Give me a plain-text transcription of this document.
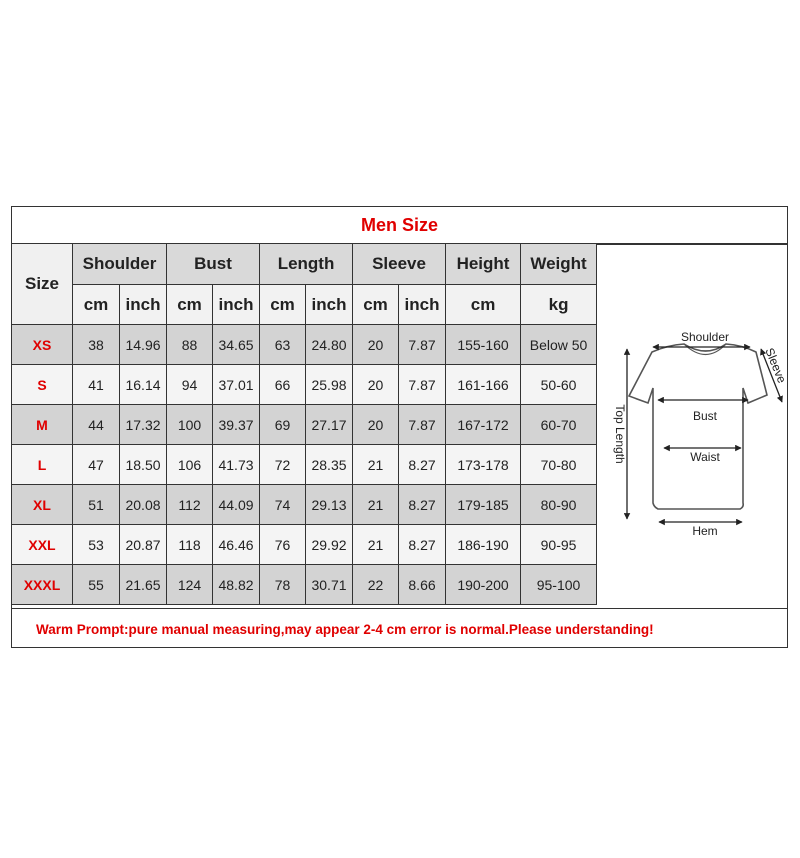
Men Size
Size	Shoulder		Bust		Length		Sleeve		Height	Weight
	cm	inch	cm	inch	cm	inch	cm	inch	cm	kg
XS	38	14.96	88	34.65	63	24.80	20	7.87	155-160	Below 50
S	41	16.14	94	37.01	66	25.98	20	7.87	161-166	50-60
M	44	17.32	100	39.37	69	27.17	20	7.87	167-172	60-70
L	47	18.50	106	41.73	72	28.35	21	8.27	173-178	70-80
XL	51	20.08	112	44.09	74	29.13	21	8.27	179-185	80-90
XXL	53	20.87	118	46.46	76	29.92	21	8.27	186-190	90-95
XXXL	55	21.65	124	48.82	78	30.71	22	8.66	190-200	95-100
Shoulder
Sleeve
Top Length	Bust
Waist
Hem
Warm Prompt:pure manual measuring,may appear 2-4 cm error is normal.Please understanding!
